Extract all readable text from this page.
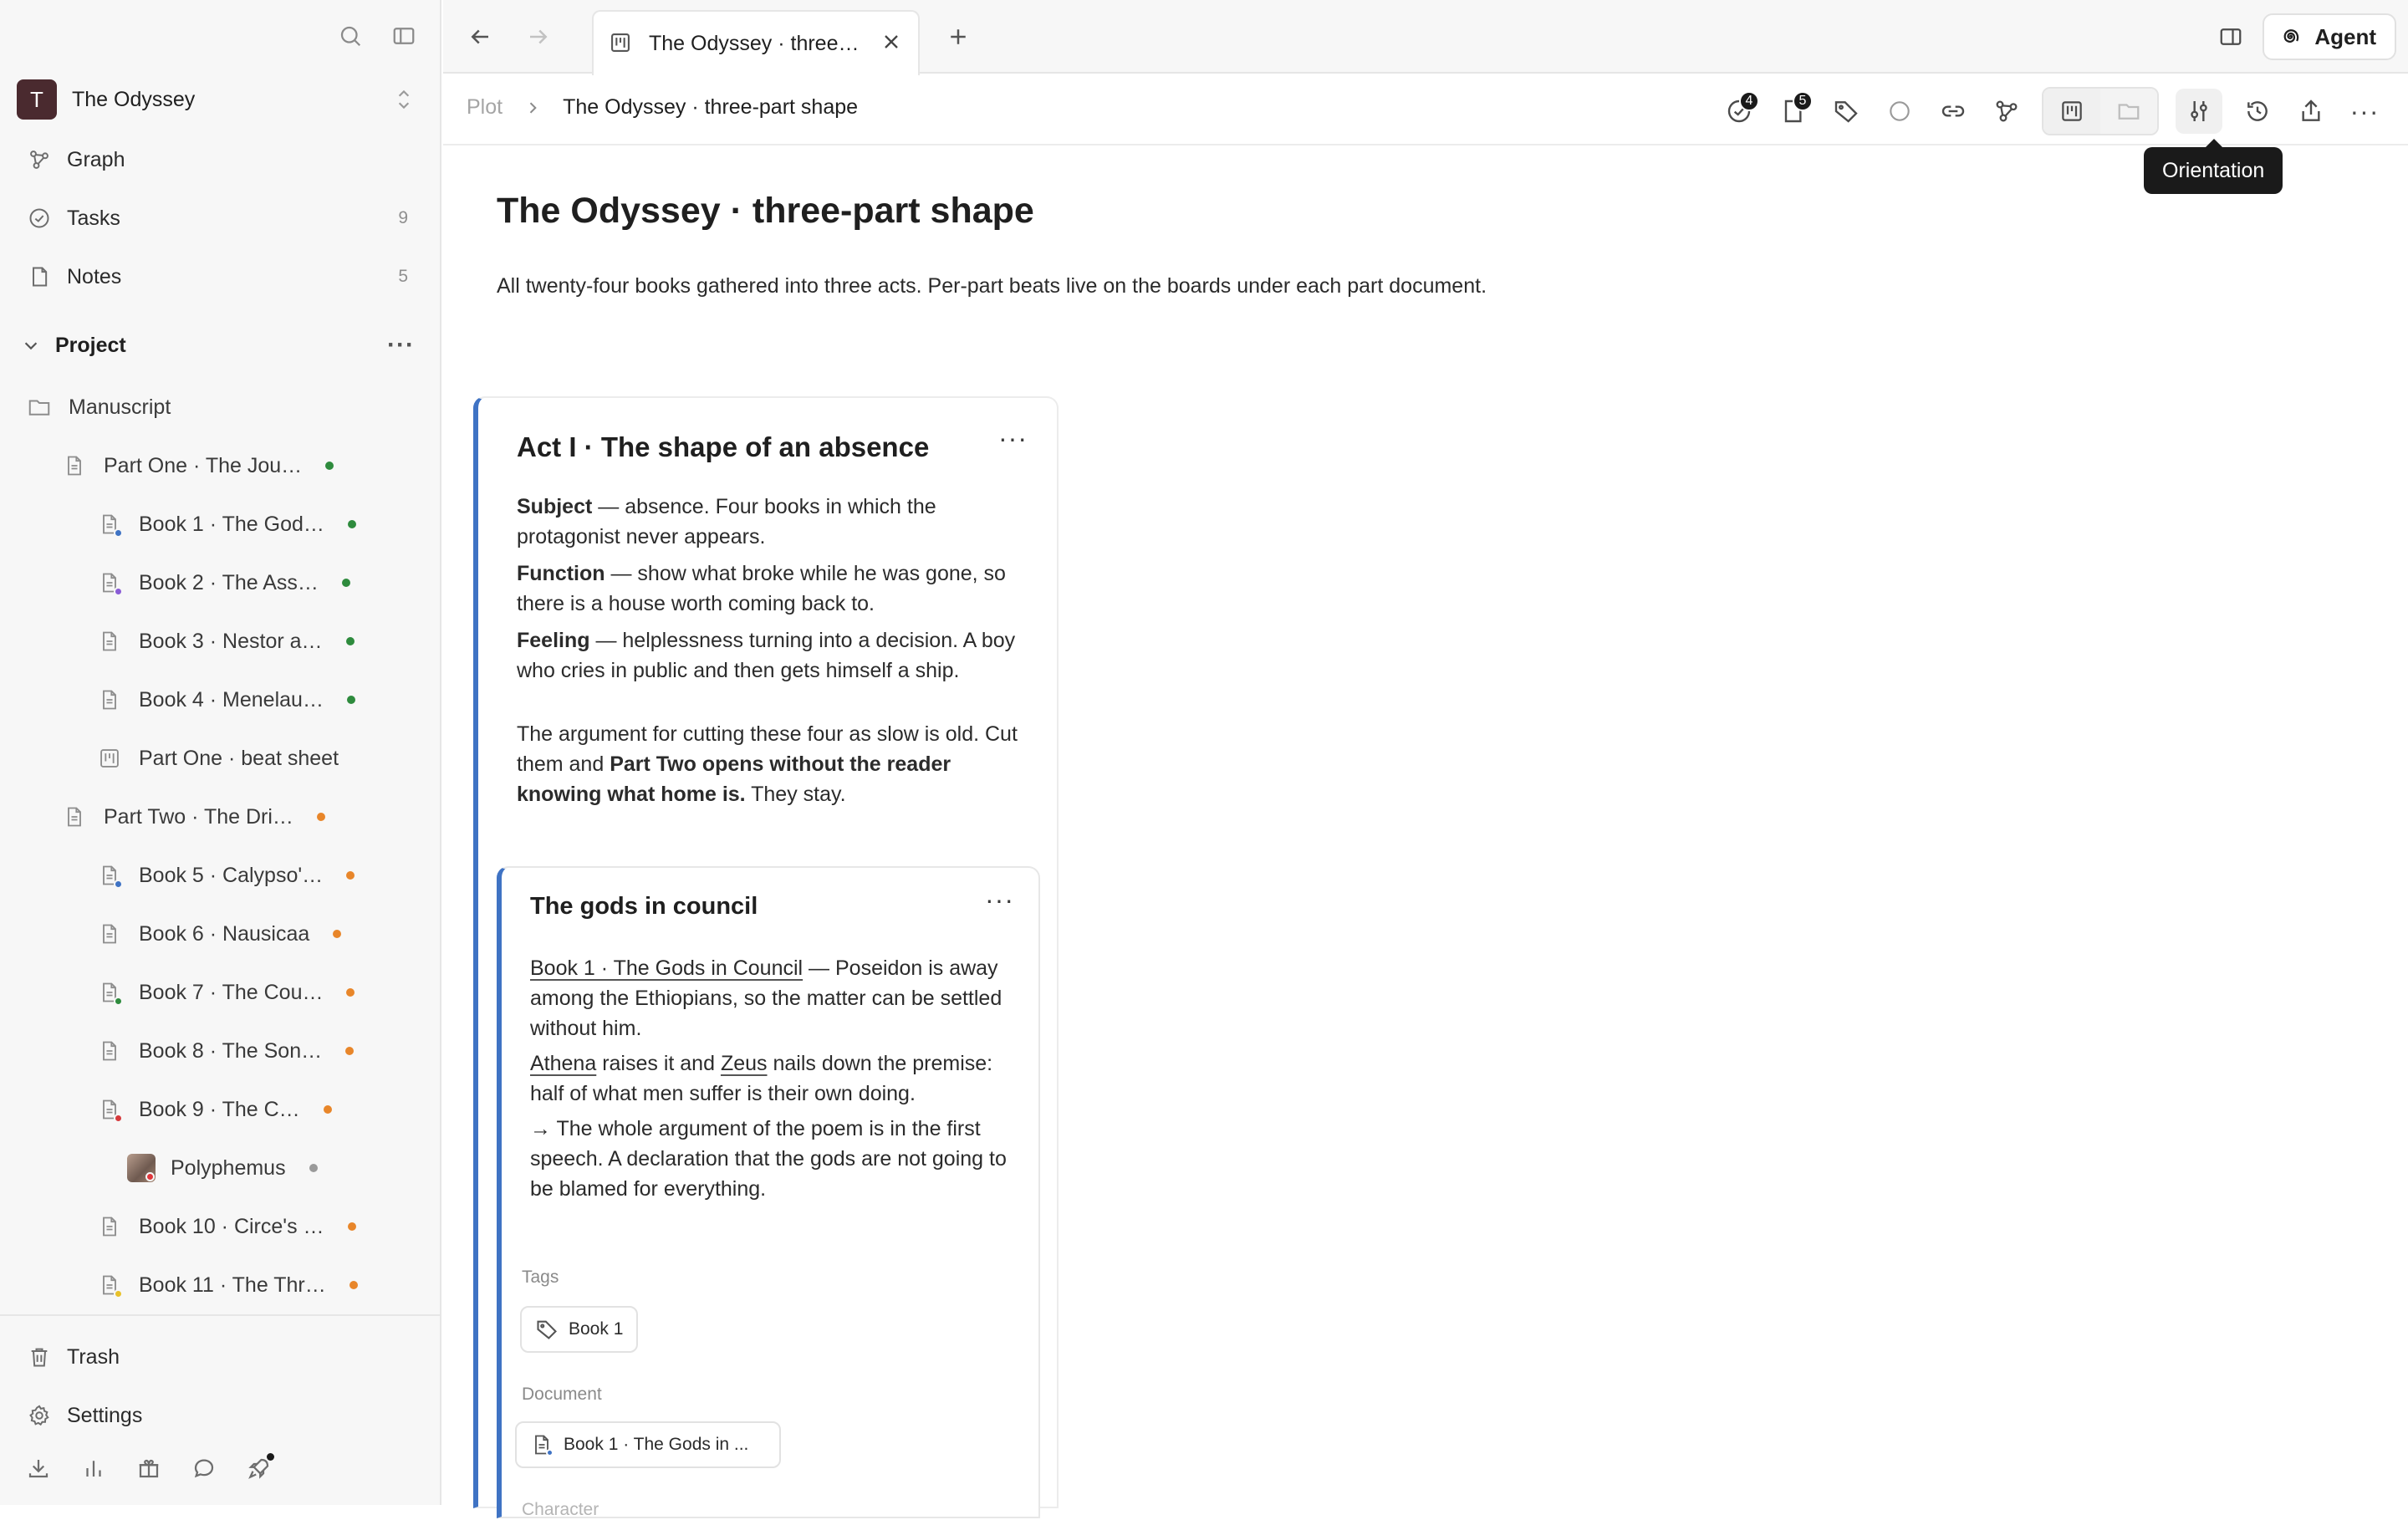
T	The Odyssey
Graph
Tasks	9
Notes	5
Project	···
Manuscript
Part One · The Jou…
Book 1 · The God…
Book 2 · The Ass…
Book 3 · Nestor a…
Book 4 · Menelau…
Part One · beat sheet
Part Two · The Dri…
Book 5 · Calypso'…
Book 6 · Nausicaa
Book 7 · The Cou…
Book 8 · The Son…
Book 9 · The C…
Polyphemus
Book 10 · Circe's …
Book 11 · The Thr…
Trash
Settings
The Odyssey · three…	Agent
Plot	The Odyssey · three-part shape	4	5	···
Orientation
The Odyssey · three-part shape
All twenty-four books gathered into three acts. Per-part beats live on the boards under each part document.
Act I · The shape of an absence	···

Subject — absence. Four books in which the protagonist never appears.

Function — show what broke while he was gone, so there is a house worth coming back to.

Feeling — helplessness turning into a decision. A boy who cries in public and then gets himself a ship.

The argument for cutting these four as slow is old. Cut them and Part Two opens without the reader knowing what home is. They stay.

The gods in council	···

Book 1 · The Gods in Council — Poseidon is away among the Ethiopians, so the matter can be settled without him.

Athena raises it and Zeus nails down the premise: half of what men suffer is their own doing.

→ The whole argument of the poem is in the first speech. A declaration that the gods are not going to be blamed for everything.

Tags
Book 1
Document
Book 1 · The Gods in ...
Character
